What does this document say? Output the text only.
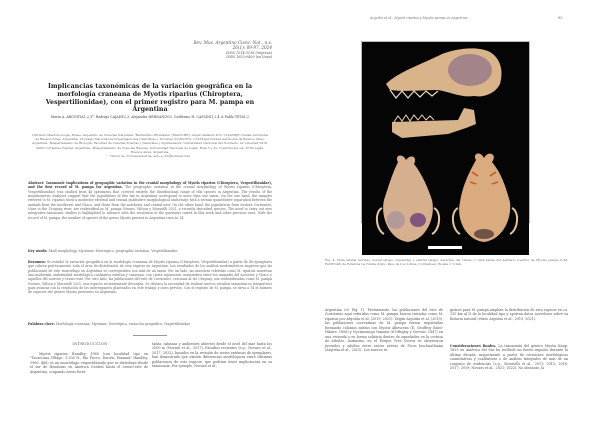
Argoitia et al.: Myotis riparius y Myotis pampa en Argentina	85
Rev. Mus. Argentino Cienc. Nat., n.s.
26(1): 89-97, 2024
ISSN 1514-5158 (impresa)
ISSN 1853-0400 (en línea)
Implicancias taxonómicas de la variación geográfica en la morfología craneana de Myotis riparius (Chiroptera, Vespertilionidae), con el primer registro para M. pampa en Argentina
María A. ARGOITIA1,2,3*, Rodrigo CAJADE2,3, Alejandra HERNANDO3, Guillermo H. CASSINI1,2,4 & Pablo TETA1,2
1División Mastozoología, Museo Argentino de Ciencias Naturales "Bernardino Rivadavia" (MACN-BR). Ángel Gallardo 470, C1405DJR Ciudad Autónoma de Buenos Aires, Argentina. 2Consejo Nacional de Investigaciones Científicas y Técnicas (CONICET), C1033AAJ Ciudad Autónoma de Buenos Aires, Argentina. 3Departamento de Biología, Facultad de Ciencias Exactas y Naturales y Agrimensura, Universidad Nacional del Nordeste, Av. Libertad 5470, 3400 Corrientes Capital, Argentina. 4Departamento de Ciencias Básicas, Universidad Nacional de Luján, Ruta 5 y Av. Constitución s/n, 6700 Luján, Buenos Aires, Argentina.
*Autor de correspondencia: azto.a_25@hotmail.com
Abstract: Taxonomic implications of geographic variation in the cranial morphology of Myotis riparius (Chiroptera, Vespertilionidae), and the first record of M. pampa for Argentina. The geographic variation in the cranial morphology of Myotis riparius (Chiroptera, Vespertilionidae) was studied from 48 specimens that covered entirely the distributional range of this species in Argentina. The results of the morphometric analyses suggest that the populations of this bat in Argentina correspond to more than one taxon. On the one hand, the samples referred to M. riparius show a moderate external and cranial qualitative morphological uniformity, with a certain quantitative separation between the animals from the northwest and Chaco, and those from the northeast and central-east. On the other hand, the populations from eastern Corrientes, close to the Uruguay river, are reidentified as M. pampa Novaes, Wilson y Moratelli 2021, a recently described species. The need to carry out new integrative taxonomic studies is highlighted to advance with the resolution of the questions raised in this work and other previous ones. With the record of M. pampa, the number of species of the genus Myotis present in Argentina rises to 14.
Key words: Skull morphology, Myotinae, Neotropics, geographic variation, Vespertilionidae
Resumen: Se estudió la variación geográfica en la morfología craneana de Myotis riparius (Chiroptera, Vespertilionidae) a partir de 48 ejemplares que cubren prácticamente toda el área de distribución de esta especie en Argentina. Los resultados de los análisis morfométricos sugieren que las poblaciones de este murciélago en Argentina se corresponden con más de un taxón. Por un lado, las muestras referidas como M. riparius muestran una moderada uniformidad morfológica cualitativa externa y craneana, con cierta separación cuantitativa entre los animales del noroeste y Chaco y aquellos del noreste y centro-este. Por otro lado, las poblaciones del este de Corrientes, cercanas al río Uruguay, son reidentificadas como M. pampa Novaes, Wilson y Moratelli 2021, una especie recientemente descripta. Se destaca la necesidad de realizar nuevos estudios taxonómicos integrativos para avanzar con la resolución de los interrogantes planteados en este trabajo y otros previos. Con el registro de M. pampa, se eleva a 14 el número de especies del género Myotis presentes en Argentina.
Palabras clave: Morfología craneana, Myotinae, Neotrópico, variación geográfica, Vespertilionidae
INTRODUCCIÓN
Myotis riparius Handley, 1960 (con localidad tipo en "Tacarcuna Village, 3,200 ft., Río Pucro, Darién, Panamá" Handley, 1960: 466) es un murciélago vespertiliónido que se distribuye desde el sur de Honduras en América Central hasta el centro-este de Argentina, ocupando áreas fores-
tadas, sabanas y ambientes abiertos desde el nivel del mar hasta los 2000 m (Novaes et al., 2017). Estudios recientes (e.g., Novaes et al., 2017; 2022), basados en la revisión de series extensas de ejemplares, han demostrado que existen diferencias morfológicas entre distintas poblaciones de esta especie, que podrían tener implicancias en su taxonomía. Por ejemplo, Novaes et al.,
Fig. 4. Vista lateral (arriba), dorsal (abajo, izquierda) y ventral (abajo, derecha) del cráneo y vista labial del dentario (centro) de Myotis pampa (UM-FaCENA8) de Estancia La Tunita (Dpto. Paso de Los Libres, Corrientes). Escala = 5 mm.
Argentina (cf. Fig. 1). Previamente, las poblaciones del este de Corrientes aquí referidas como M. pampa fueron tratadas como M. riparius por Argoitia et al. (2019, 2021). Según Argoitia et al. (2019), las poblaciones correntinas de M. pampa fueron registradas formando colonias mixtas con Myotis albescens (É. Geoffroy Saint-Hilaire, 1806) y Nyctinomops fumaris (d'Orbigny y Gervais, 1847) en una vivienda y en forma solitaria dentro de oquedades en la corteza de árboles. Asimismo, en el Parque Tres Cerros se observaron juveniles y adultos entre raíces aéreas de Ficus luschnathiana (Argoitia et al., 2021). Los nuevos re-
gistros para M. pampa amplían la distribución de esta especie en ca. 130 km al N de la localidad tipo y aportan datos novedosos sobre su historia natural (véase Argoitia et al., 2019, 2021).
Consideraciones finales. La taxonomía del género Myotis Kaup, 1829 en América del Sur ha recibido un fuerte impulso durante la última década, mayormente a partir de revisiones morfológicas cuantitativas y cualitativas o de análisis integrales de más de un conjunto de evidencias (e.g., Moratelli et al., 2011; 2013; 2016; 2017; 2019; Novaes et al., 2021; 2022). No obstante, la
